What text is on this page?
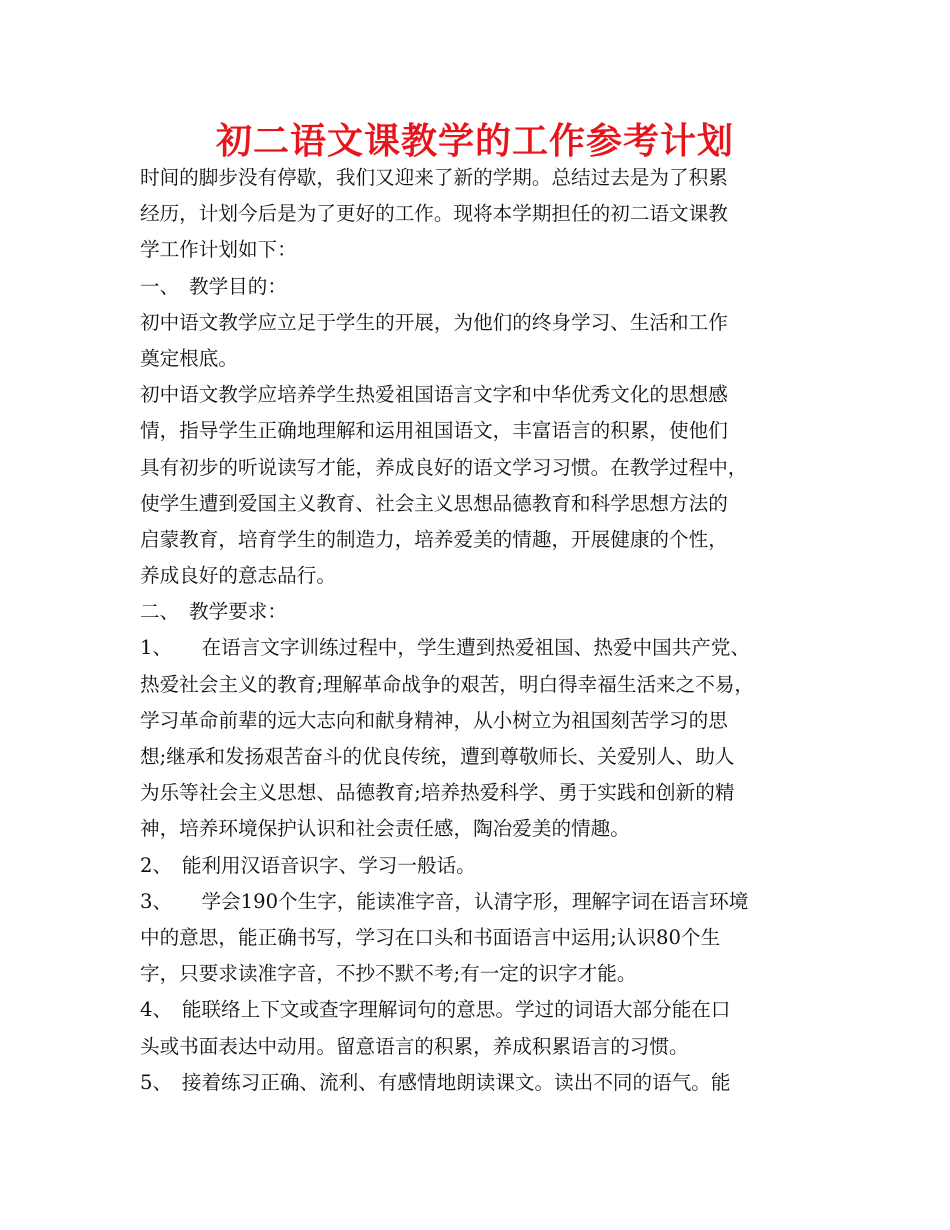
初二语文课教学的工作参考计划
时间的脚步没有停歇，我们又迎来了新的学期。总结过去是为了积累
经历，计划今后是为了更好的工作。现将本学期担任的初二语文课教
学工作计划如下：
一、　教学目的：
初中语文教学应立足于学生的开展，为他们的终身学习、生活和工作
奠定根底。
初中语文教学应培养学生热爱祖国语言文字和中华优秀文化的思想感
情，指导学生正确地理解和运用祖国语文，丰富语言的积累，使他们
具有初步的听说读写才能，养成良好的语文学习习惯。在教学过程中，
使学生遭到爱国主义教育、社会主义思想品德教育和科学思想方法的
启蒙教育，培育学生的制造力，培养爱美的情趣，开展健康的个性，
养成良好的意志品行。
二、　教学要求：
1、　　在语言文字训练过程中，学生遭到热爱祖国、热爱中国共产党、
热爱社会主义的教育;理解革命战争的艰苦，明白得幸福生活来之不易，
学习革命前辈的远大志向和献身精神，从小树立为祖国刻苦学习的思
想;继承和发扬艰苦奋斗的优良传统，遭到尊敬师长、关爱别人、助人
为乐等社会主义思想、品德教育;培养热爱科学、勇于实践和创新的精
神，培养环境保护认识和社会责任感，陶冶爱美的情趣。
2、　能利用汉语音识字、学习一般话。
3、　　学会190个生字，能读准字音，认清字形，理解字词在语言环境
中的意思，能正确书写，学习在口头和书面语言中运用;认识80个生
字，只要求读准字音，不抄不默不考;有一定的识字才能。
4、　能联络上下文或查字理解词句的意思。学过的词语大部分能在口
头或书面表达中动用。留意语言的积累，养成积累语言的习惯。
5、　接着练习正确、流利、有感情地朗读课文。读出不同的语气。能
